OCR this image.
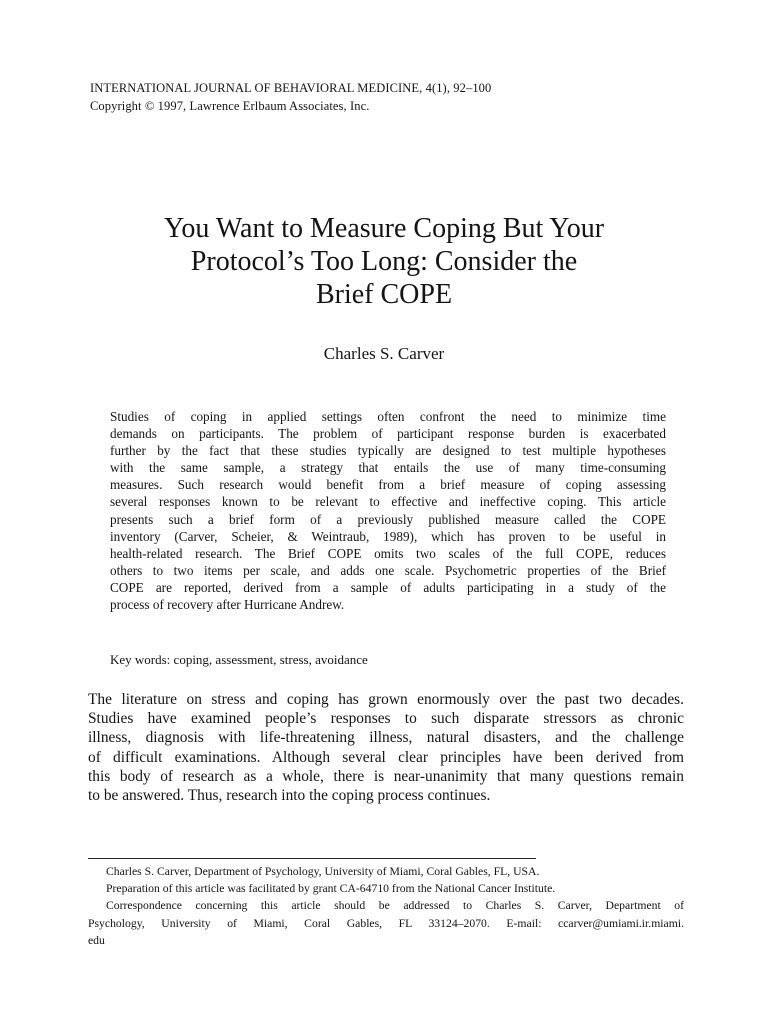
INTERNATIONAL JOURNAL OF BEHAVIORAL MEDICINE, 4(1), 92–100
Copyright © 1997, Lawrence Erlbaum Associates, Inc.
You Want to Measure Coping But Your
Protocol’s Too Long: Consider the
Brief COPE
Charles S. Carver

Studies of coping in applied settings often confront the need to minimize time
demands on participants. The problem of participant response burden is exacerbated
further by the fact that these studies typically are designed to test multiple hypotheses
with the same sample, a strategy that entails the use of many time-consuming
measures. Such research would benefit from a brief measure of coping assessing
several responses known to be relevant to effective and ineffective coping. This article
presents such a brief form of a previously published measure called the COPE
inventory (Carver, Scheier, & Weintraub, 1989), which has proven to be useful in
health-related research. The Brief COPE omits two scales of the full COPE, reduces
others to two items per scale, and adds one scale. Psychometric properties of the Brief
COPE are reported, derived from a sample of adults participating in a study of the
process of recovery after Hurricane Andrew.

Key words: coping, assessment, stress, avoidance

The literature on stress and coping has grown enormously over the past two decades.
Studies have examined people’s responses to such disparate stressors as chronic
illness, diagnosis with life-threatening illness, natural disasters, and the challenge
of difficult examinations. Although several clear principles have been derived from
this body of research as a whole, there is near-unanimity that many questions remain
to be answered. Thus, research into the coping process continues.

Charles S. Carver, Department of Psychology, University of Miami, Coral Gables, FL, USA.
Preparation of this article was facilitated by grant CA-64710 from the National Cancer Institute.
Correspondence concerning this article should be addressed to Charles S. Carver, Department of
Psychology, University of Miami, Coral Gables, FL 33124–2070. E-mail: ccarver@umiami.ir.miami.
edu
